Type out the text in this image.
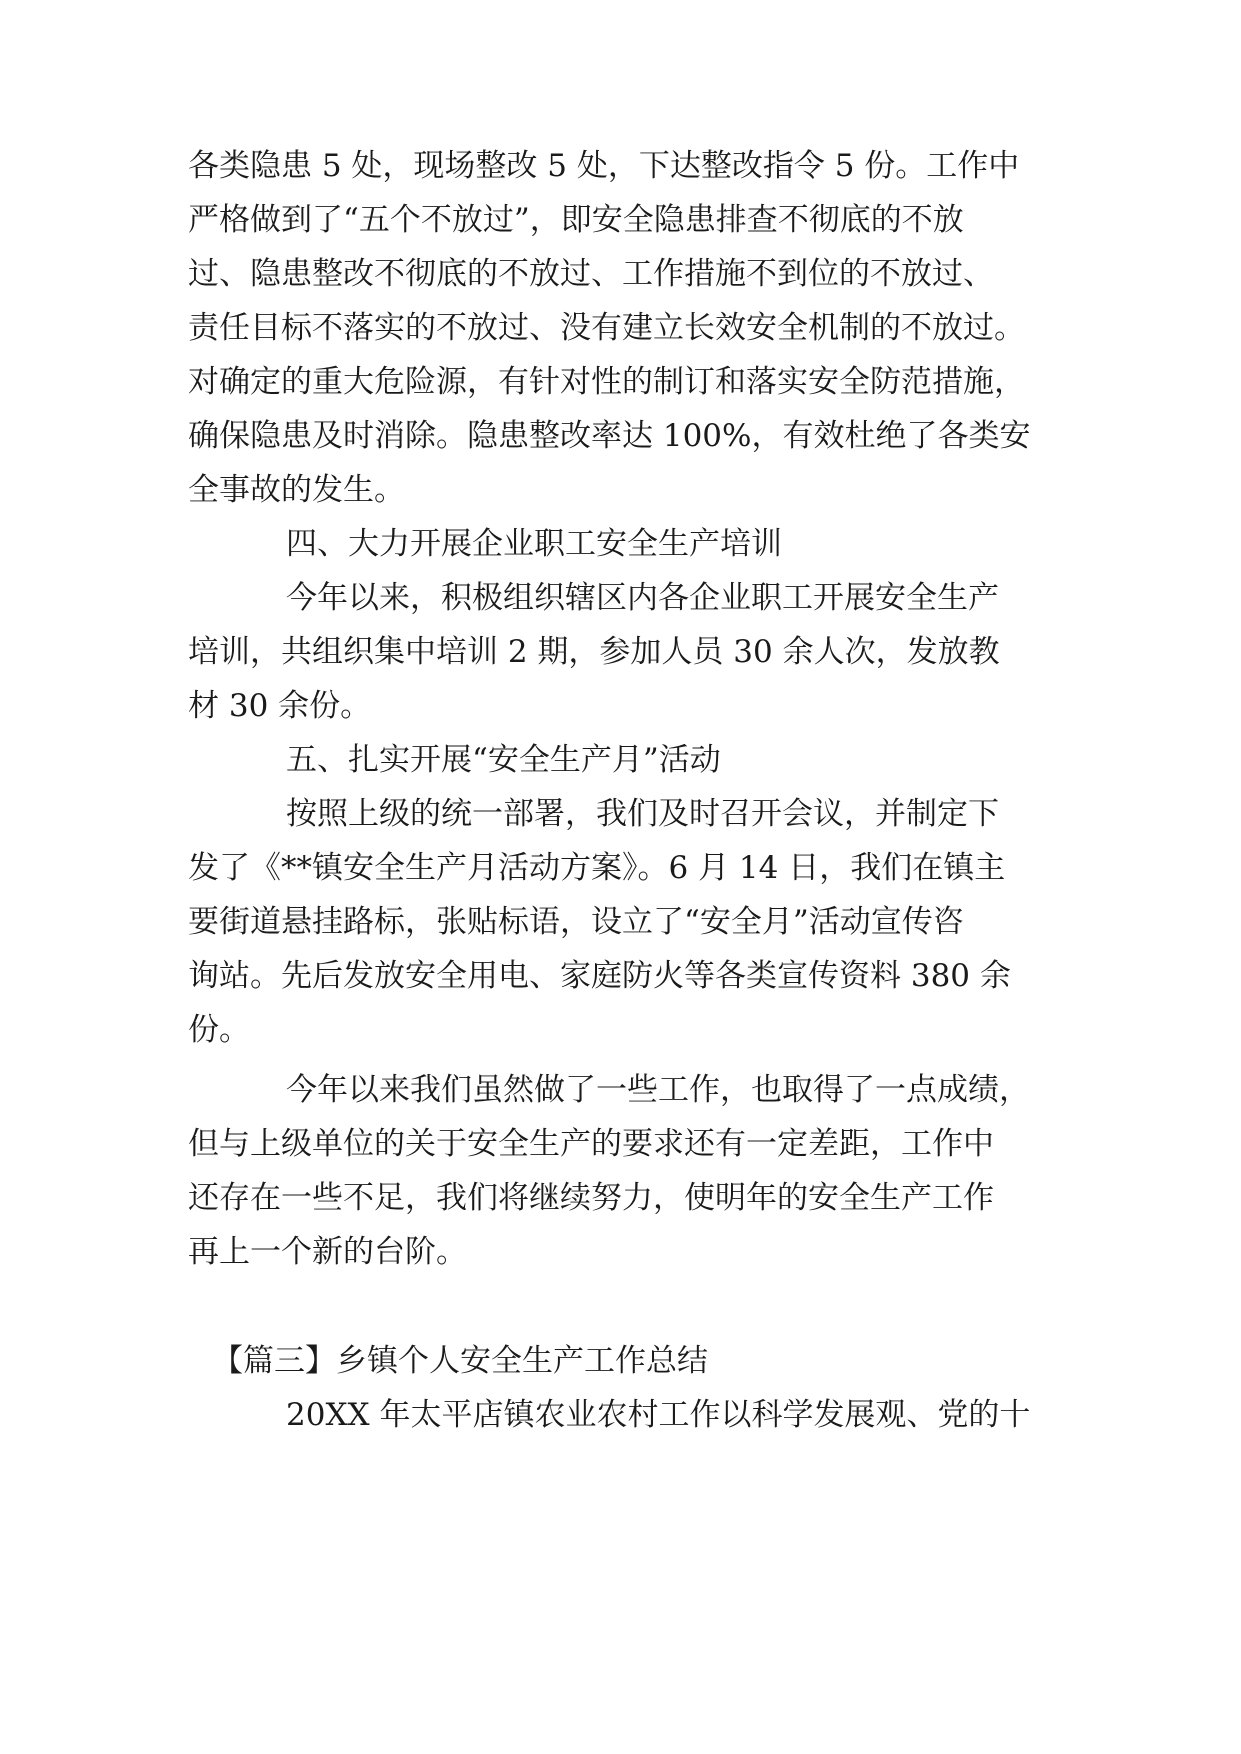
各类隐患 5 处，现场整改 5 处，下达整改指令 5 份。工作中
严格做到了“五个不放过”，即安全隐患排查不彻底的不放
过、隐患整改不彻底的不放过、工作措施不到位的不放过、
责任目标不落实的不放过、没有建立长效安全机制的不放过。
对确定的重大危险源，有针对性的制订和落实安全防范措施，
确保隐患及时消除。隐患整改率达 100%，有效杜绝了各类安
全事故的发生。
四、大力开展企业职工安全生产培训
今年以来，积极组织辖区内各企业职工开展安全生产
培训，共组织集中培训 2 期，参加人员 30 余人次，发放教
材 30 余份。
五、扎实开展“安全生产月”活动
按照上级的统一部署，我们及时召开会议，并制定下
发了《**镇安全生产月活动方案》。6 月 14 日，我们在镇主
要街道悬挂路标，张贴标语，设立了“安全月”活动宣传咨
询站。先后发放安全用电、家庭防火等各类宣传资料 380 余
份。
今年以来我们虽然做了一些工作，也取得了一点成绩，
但与上级单位的关于安全生产的要求还有一定差距，工作中
还存在一些不足，我们将继续努力，使明年的安全生产工作
再上一个新的台阶。
【篇三】乡镇个人安全生产工作总结
20XX 年太平店镇农业农村工作以科学发展观、党的十
